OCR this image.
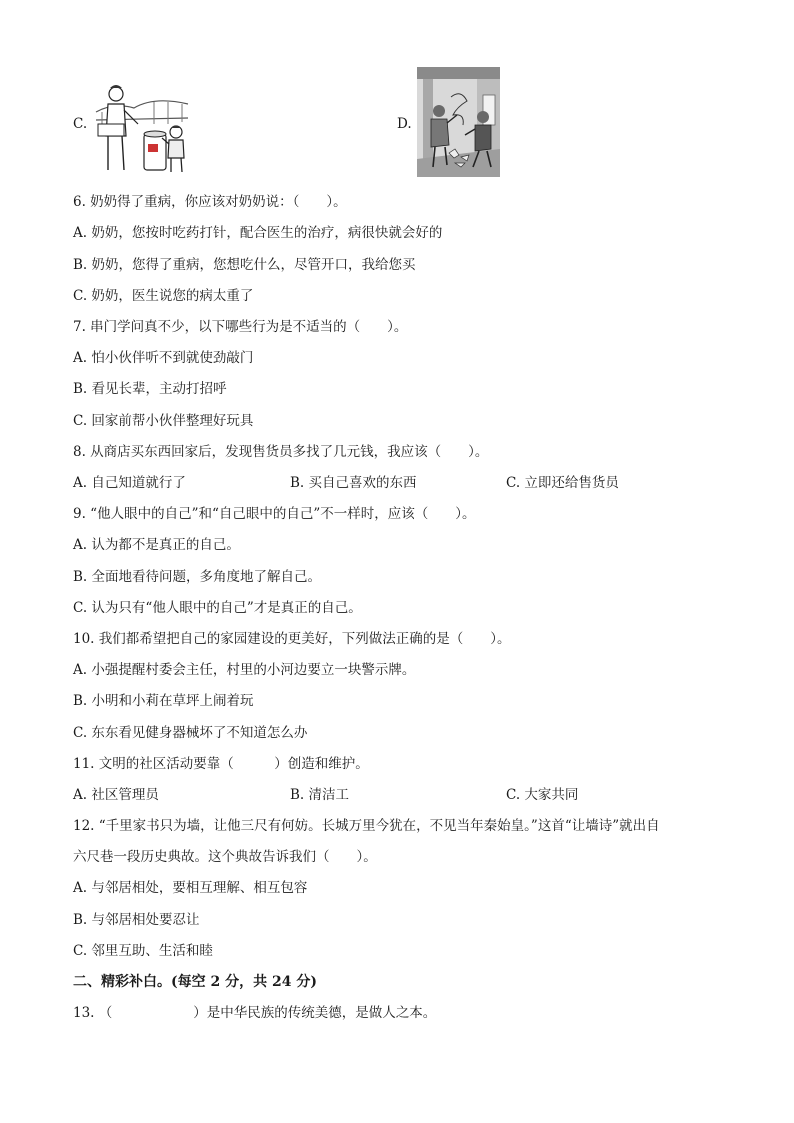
C.	D.
6. 奶奶得了重病，你应该对奶奶说：（　　）。
A. 奶奶，您按时吃药打针，配合医生的治疗，病很快就会好的
B. 奶奶，您得了重病，您想吃什么，尽管开口，我给您买
C. 奶奶，医生说您的病太重了
7. 串门学问真不少，以下哪些行为是不适当的（　　）。
A. 怕小伙伴听不到就使劲敲门
B. 看见长辈，主动打招呼
C. 回家前帮小伙伴整理好玩具
8. 从商店买东西回家后，发现售货员多找了几元钱，我应该（　　）。
A. 自己知道就行了	B. 买自己喜欢的东西	C. 立即还给售货员
9. “他人眼中的自己”和“自己眼中的自己”不一样时，应该（　　）。
A. 认为都不是真正的自己。
B. 全面地看待问题，多角度地了解自己。
C. 认为只有“他人眼中的自己”才是真正的自己。
10. 我们都希望把自己的家园建设的更美好，下列做法正确的是（　　）。
A. 小强提醒村委会主任，村里的小河边要立一块警示牌。
B. 小明和小莉在草坪上闹着玩
C. 东东看见健身器械坏了不知道怎么办
11. 文明的社区活动要靠（　　　）创造和维护。
A. 社区管理员	B. 清洁工	C. 大家共同
12. “千里家书只为墙，让他三尺有何妨。长城万里今犹在，不见当年秦始皇。”这首“让墙诗”就出自
六尺巷一段历史典故。这个典故告诉我们（　　）。
A. 与邻居相处，要相互理解、相互包容
B. 与邻居相处要忍让
C. 邻里互助、生活和睦
二、精彩补白。(每空 2 分，共 24 分)
13. （　　　　　　）是中华民族的传统美德，是做人之本。
